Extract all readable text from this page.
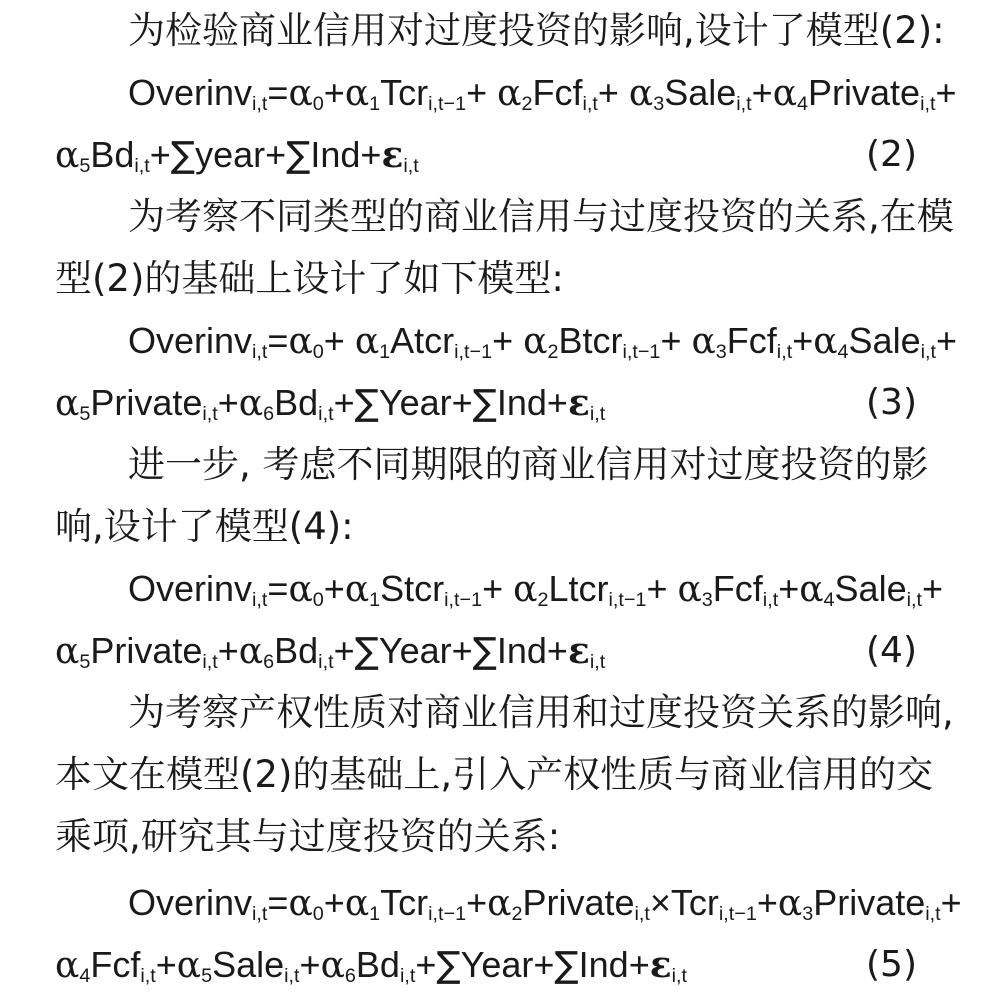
为检验商业信用对过度投资的影响,设计了模型(2):
$Overinv_{i,t}=\alpha_0+\alpha_1Tcr_{i,t-1}+ \alpha_2Fcf_{i,t}+$ $\alpha_3Sale_{i,t}+\alpha_4Private_{i,t}+$
$\alpha_5Bd_{i,t}+\sum year+\sum Ind+\varepsilon_{i,t}$	(2)
为考察不同类型的商业信用与过度投资的关系,在模
型(2)的基础上设计了如下模型:
$Overinv_{i,t}=\alpha_0+$ $\alpha_1Atcr_{i,t-1}+$ $\alpha_2Btcr_{i,t-1}+$ $\alpha_3Fcf_{i,t}+\alpha_4Sale_{i,t}+$
$\alpha_5Private_{i,t}+\alpha_6Bd_{i,t}+\sum Year+\sum Ind+\varepsilon_{i,t}$	(3)
进一步, 考虑不同期限的商业信用对过度投资的影
响,设计了模型(4):
$Overinv_{i,t}=\alpha_0+\alpha_1Stcr_{i,t-1}+$ $\alpha_2Ltcr_{i,t-1}+$ $\alpha_3Fcf_{i,t}+\alpha_4Sale_{i,t}+$
$\alpha_5Private_{i,t}+\alpha_6Bd_{i,t}+\sum Year+\sum Ind+\varepsilon_{i,t}$	(4)
为考察产权性质对商业信用和过度投资关系的影响,
本文在模型(2)的基础上,引入产权性质与商业信用的交
乘项,研究其与过度投资的关系:
$Overinv_{i,t}=\alpha_0+\alpha_1Tcr_{i,t-1}+\alpha_2Private_{i,t}\times Tcr_{i,t-1}+\alpha_3Private_{i,t}+$
$\alpha_4Fcf_{i,t}+\alpha_5Sale_{i,t}+\alpha_6Bd_{i,t}+\sum Year+\sum Ind+\varepsilon_{i,t}$	(5)
